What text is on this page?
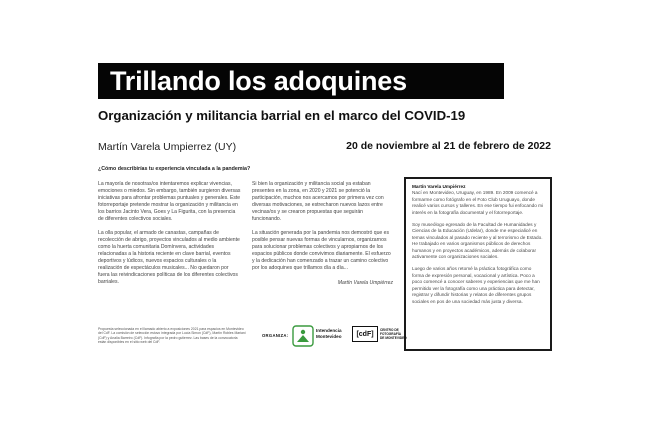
Trillando los adoquines
Organización y militancia barrial en el marco del COVID-19
Martín Varela Umpierrez (UY)	20 de noviembre al 21 de febrero de 2022
¿Cómo describirías tu experiencia vinculada a la pandemia?

La mayoría de nosotras/os intentaremos explicar vivencias, emociones o miedos. Sin embargo, también surgieron diversas iniciativas para afrontar problemas puntuales y generales. Este fotorreportaje pretende mostrar la organización y militancia en los barrios Jacinto Vera, Goes y La Figurita, con la presencia de diferentes colectivos sociales.

La olla popular, el armado de canastas, campañas de recolección de abrigo, proyectos vinculados al medio ambiente como la huerta comunitaria Domínvera, actividades relacionadas a la historia reciente en clave barrial, eventos deportivos y lúdicos, nuevos espacios culturales o la realización de espectáculos musicales... No quedaron por fuera las reivindicaciones políticas de los diferentes colectivos barriales.

Si bien la organización y militancia social ya estaban presentes en la zona, en 2020 y 2021 se potenció la participación, muchos nos acercamos por primera vez con diversas motivaciones, se estrecharon nuevos lazos entre vecinas/os y se crearon propuestas que seguirán funcionando.

La situación generada por la pandemia nos demostró que es posible pensar nuevas formas de vincularnos, organizarnos para solucionar problemas colectivos y apropiarnos de los espacios públicos donde convivimos diariamente. El esfuerzo y la dedicación han comenzado a trazar un camino colectivo por los adoquines que trillamos día a día...

Martín Varela Umpiérrez

Martín Varela Umpiérrez
Nací en Montevideo, Uruguay, en 1989. En 2009 comencé a formarme como fotógrafo en el Foto Club Uruguayo, donde realicé varios cursos y talleres. En ese tiempo fui enfocando mi interés en la fotografía documental y el fotorreportaje.

Soy museólogo egresado de la Facultad de Humanidades y Ciencias de la Educación (Udelar), donde me especialicé en temas vinculados al pasado reciente y al terrorismo de Estado. He trabajado en varios organismos públicos de derechos humanos y en proyectos académicos, además de colaborar activamente con organizaciones sociales.

Luego de varios años retomé la práctica fotográfica como forma de expresión personal, vocacional y artística. Poco a poco comencé a conocer saberes y experiencias que me han permitido ver la fotografía como una práctica para detectar, registrar y difundir historias y relatos de diferentes grupos sociales en pos de una sociedad más justa y diversa.

Propuesta seleccionada en el llamado abierto a exposiciones 2021 para espacios en Montevideo del CdF. La comisión de selección estuvo integrada por Lucía Simon (CdF), Martín Robles Mariani (CdF) y Analía Barreiro (CdF). Infografía por la pedro gutierrez. Las bases de la convocatoria están disponibles en el sitio web del CdF.
ORGANIZA:
Intendencia
Montevideo	[cdF]
CENTRO DE
FOTOGRAFÍA
DE MONTEVIDEO
